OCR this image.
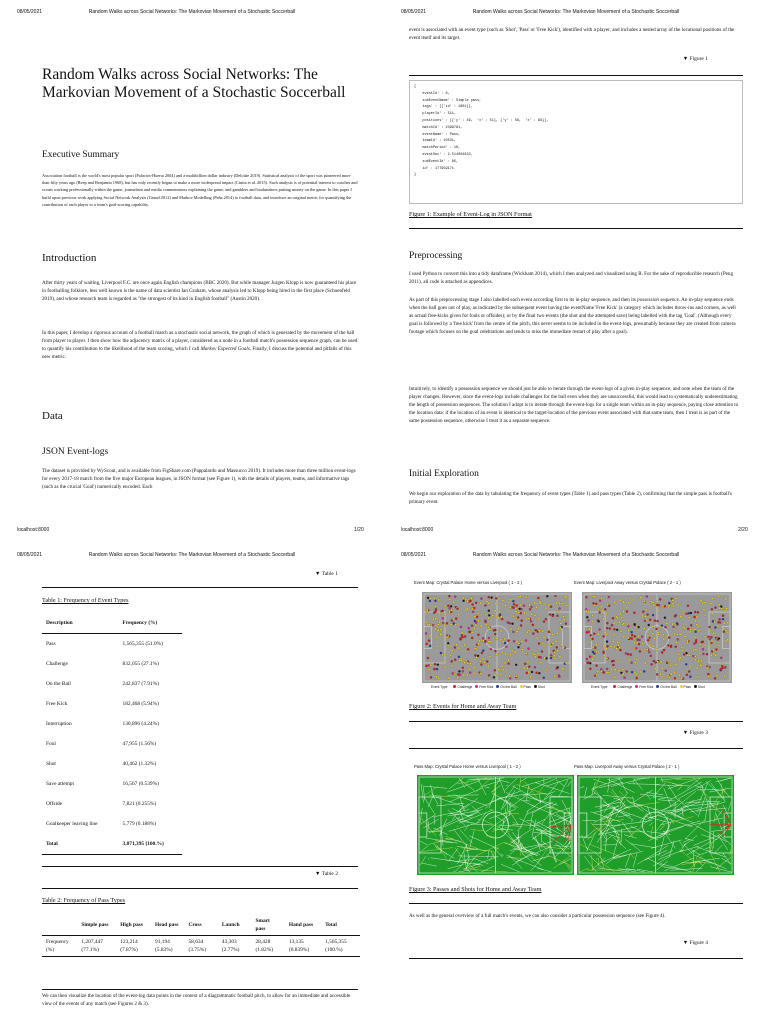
08/05/2021	Random Walks across Social Networks: The Markovian Movement of a Stochastic Soccerball
Random Walks across Social Networks: The Markovian Movement of a Stochastic Soccerball
Executive Summary

Association football is the world's most popular sport (Palacios-Huerta 2004) and a multibillion dollar industry (Deloitte 2019). Statistical analysis of the sport was pioneered more than fifty years ago (Reep and Benjamin 1968), but has only recently begun to make a more widespread impact (Cintia et al. 2015). Such analysis is of potential interest to coaches and scouts working professionally within the game, journalism and media commentators explaining the game, and gamblers and bookmakers putting money on the game. In this paper I build upon previous work applying Social Network Analysis (Grund 2012) and Markov Modelling (Peña 2014) to football data, and introduce an original metric for quantifying the contribution of each player to a team's goal-scoring capability.

Introduction

After thirty years of waiting, Liverpool F.C. are once again English champions (BBC 2020). But while manager Jurgen Klopp is now guaranteed his place in footballing folklore, less well known is the name of data scientist Ian Graham, whose analysis led to Klopp being hired in the first place (Schoenfeld 2019), and whose research team is regarded as "the strongest of its kind in English football" (Austin 2020).

In this paper, I develop a rigorous account of a football match as a stochastic social network, the graph of which is generated by the movement of the ball from player to player. I then show how the adjacency matrix of a player, considered as a node in a football match's possession sequence graph, can be used to quantify his contribution to the likelihood of the team scoring, which I call Markov Expected Goals. Finally, I discuss the potential and pitfalls of this new metric.

Data
JSON Event-logs

The dataset is provided by WyScout, and is available from FigShare.com (Pappalardo and Massucco 2019). It includes more than three million event-logs for every 2017-18 match from the five major European leagues, in JSON format (see Figure 1), with the details of players, teams, and informative tags (such as the crucial 'Goal') numerically encoded. Each

localhost:8000	1/20
08/05/2021	Random Walks across Social Networks: The Markovian Movement of a Stochastic Soccerball

event is associated with an event type (such as 'Shot', 'Pass' or 'Free Kick'), identified with a player, and includes a nested array of the locational positions of the event itself and its target.

▼ Figure 1
{
eventId' : 8,
subEventName' : Simple pass,
tags' : [{'id' : 1801}],
playerId' : 511,
positions' : [{'y' : 49,  'x' : 51}, {'y' : 58,  'x' : 69}],
matchId' : 2499781,
eventName' : Pass,
teamId' : 10531,
matchPeriod' : 1H,
eventSec' : 2.514004632,
subEventId' : 85,
id' : 177959171
}
Figure 1: Example of Event-Log in JSON Format
Preprocessing

I used Python to convert this into a tidy dataframe (Wickham 2014), which I then analyzed and visualized using R. For the sake of reproducible research (Peng 2011), all code is attached as appendices.

As part of this preprocessing stage I also labelled each event according first to its in-play sequence, and then its possession sequence. An in-play sequence ends when the ball goes out of play, as indicated by the subsequent event having the eventName 'Free Kick' (a category which includes throw-ins and corners, as well as actual free-kicks given for fouls or offsides); or by the final two events (the shot and the attempted save) being labelled with the tag 'Goal'. (Although every goal is followed by a 'free kick' from the centre of the pitch, this never seems to be included in the event-logs, presumably because they are created from camera footage which focuses on the goal celebrations and tends to miss the immediate restart of play after a goal).

Intuitively, to identify a possession sequence we should just be able to iterate through the event-logs of a given in-play sequence, and note when the team of the player changes. However, since the event-logs include challenges for the ball even when they are unsuccessful, this would lead to systematically underestimating the length of possession sequences. The solution I adopt is to iterate through the event-logs for a single team within an in-play sequence, paying close attention to the location data: if the location of an event is identical to the target-location of the previous event associated with that same team, then I treat is as part of the same possession sequence, otherwise I treat it as a separate sequence.

Initial Exploration

We begin our exploration of the data by tabulating the frequency of event types (Table 1) and pass types (Table 2), confirming that the simple pass is football's primary event.

localhost:8000	2/20
08/05/2021	Random Walks across Social Networks: The Markovian Movement of a Stochastic Soccerball
▼ Table 1
Table 1: Frequency of Event Types
Description	Frequency (%)
Pass	1,565,355 (51.0%)
Challenge	832,055 (27.1%)
On the Ball	242,837 (7.91%)
Free Kick	182,468 (5.94%)
Interruption	130,896 (4.24%)
Foul	47,955 (1.56%)
Shot	40,462 (1.32%)
Save attempt	16,567 (0.539%)
Offside	7,821 (0.255%)
Goalkeeper leaving line	5,779 (0.188%)
Total	3,071,395 (100.%)
▼ Table 2
Table 2: Frequency of Pass Types
	Simple pass	High pass	Head pass	Cross	Launch	Smart pass	Hand pass	Total
Frequency (%)	1,207,447 (77.1%)	123,214 (7.87%)	91,194 (5.83%)	58,634 (3.75%)	43,303 (2.77%)	28,428 (1.82%)	13,135 (0.839%)	1,565,355 (100.%)

We can then visualize the location of the event-log data points in the context of a diagrammatic football pitch, to allow for an immediate and accessible view of the events of any match (see Figures 2 & 3).

08/05/2021	Random Walks across Social Networks: The Markovian Movement of a Stochastic Soccerball
Event Map: Crystal Palace Home versus Liverpool ( 1 - 2 )
Event Type	Challenge Free Kick On the Ball Pass Shot
Event Map: Liverpool Away versus Crystal Palace ( 2 - 1 )
Event Type	Challenge Free Kick On the Ball Pass Shot
Figure 2: Events for Home and Away Team
▼ Figure 3
Pass Map: Crystal Palace Home versus Liverpool ( 1 - 2 )	Pass Map: Liverpool Away versus Crystal Palace ( 2 - 1 )
Figure 3: Passes and Shots for Home and Away Team

As well as the general overview of a full match's events, we can also consider a particular possession sequence (see Figure 4).

▼ Figure 4
